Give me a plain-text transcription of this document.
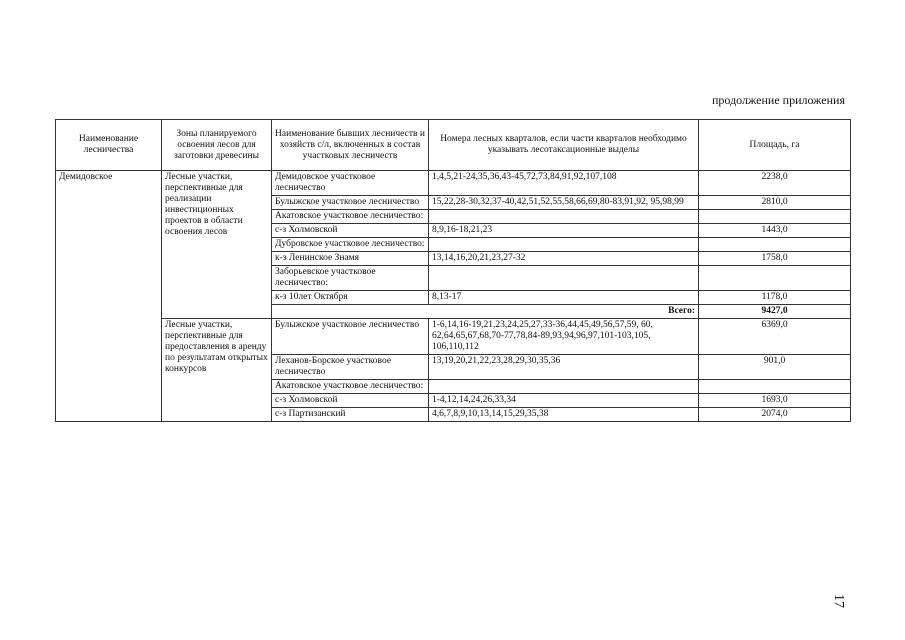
продолжение приложения
Наименование лесничества	Зоны планируемого освоения лесов для заготовки древесины	Наименование бывших лесничеств и хозяйств с/л, включенных в состав участковых лесничеств	Номера лесных кварталов, если части кварталов необходимо указывать лесотаксационные выделы	Площадь, га
Демидовское	Лесные участки, перспективные для реализации инвестиционных проектов в области освоения лесов	Демидовское участковое лесничество	1,4,5,21-24,35,36,43-45,72,73,84,91,92,107,108	2238,0
		Булыжское участковое лесничество	15,22,28-30,32,37-40,42,51,52,55,58,66,69,80-83,91,92, 95,98,99	2810,0
		Акатовское участковое лесничество:		
		с-з Холмовской	8,9,16-18,21,23	1443,0
		Дубровское участковое лесничество:		
		к-з Ленинское Знамя	13,14,16,20,21,23,27-32	1758,0
		Заборьевское участковое лесничество:		
		к-з 10лет Октября	8,13-17	1178,0
		Всего:		9427,0
	Лесные участки, перспективные для предоставления в аренду по результатам открытых конкурсов	Булыжское участковое лесничество	1-6,14,16-19,21,23,24,25,27,33-36,44,45,49,56,57,59, 60, 62,64,65,67,68,70-77,78,84-89,93,94,96,97,101-103,105, 106,110,112	6369,0
		Леханов-Борское участковое лесничество	13,19,20,21,22,23,28,29,30,35,36	901,0
		Акатовское участковое лесничество:		
		с-з Холмовской	1-4,12,14,24,26,33,34	1693,0
		с-з Партизанский	4,6,7,8,9,10,13,14,15,29,35,38	2074,0
17
